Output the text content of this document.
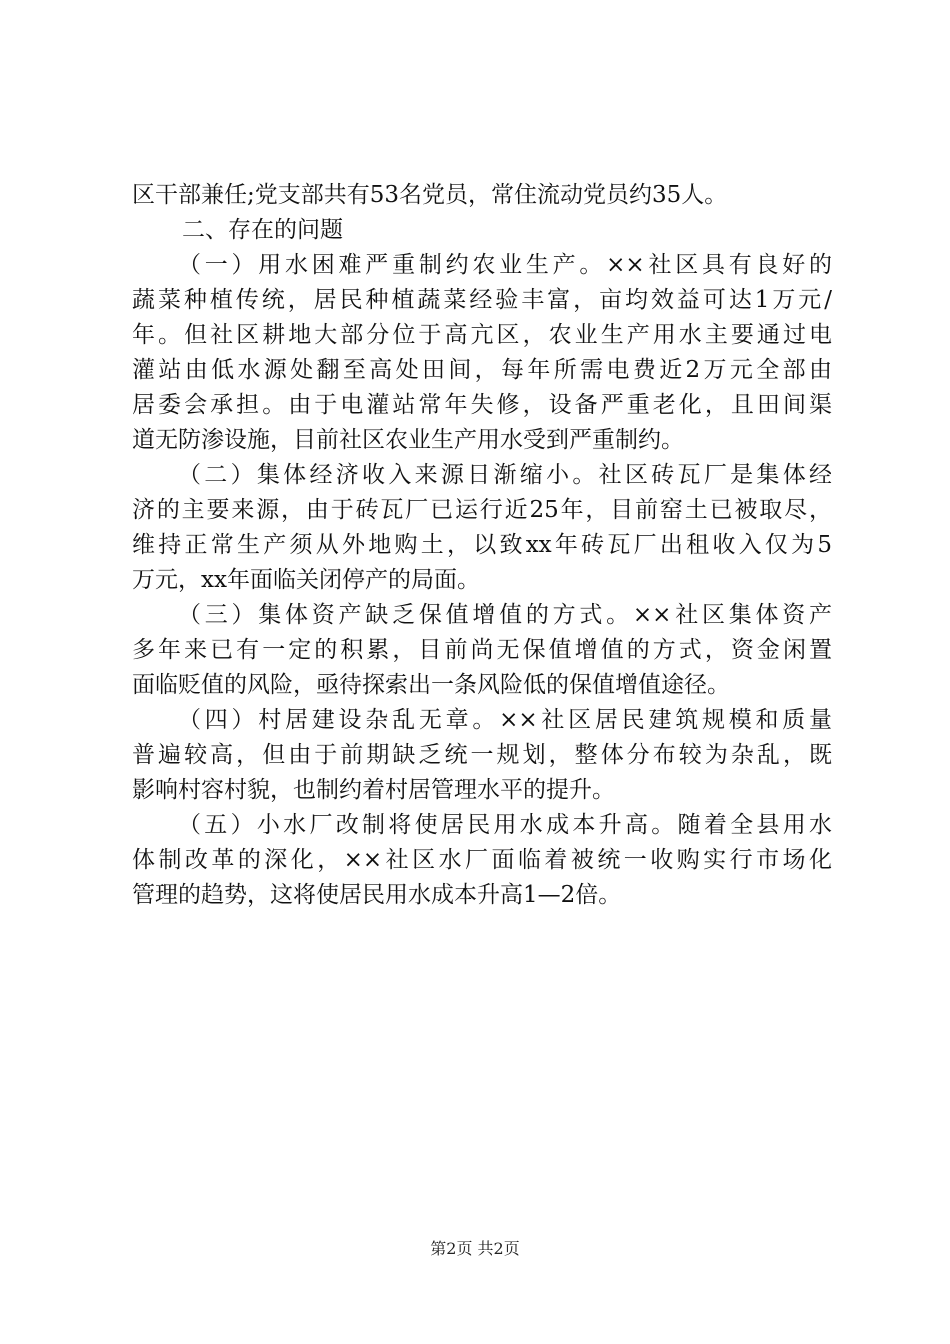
区干部兼任;党支部共有53名党员，常住流动党员约35人。
二、存在的问题
（一）用水困难严重制约农业生产。××社区具有良好的
蔬菜种植传统，居民种植蔬菜经验丰富，亩均效益可达1万元/
年。但社区耕地大部分位于高亢区，农业生产用水主要通过电
灌站由低水源处翻至高处田间，每年所需电费近2万元全部由
居委会承担。由于电灌站常年失修，设备严重老化，且田间渠
道无防渗设施，目前社区农业生产用水受到严重制约。
（二）集体经济收入来源日渐缩小。社区砖瓦厂是集体经
济的主要来源，由于砖瓦厂已运行近25年，目前窑土已被取尽，
维持正常生产须从外地购土，以致xx年砖瓦厂出租收入仅为5
万元，xx年面临关闭停产的局面。
（三）集体资产缺乏保值增值的方式。××社区集体资产
多年来已有一定的积累，目前尚无保值增值的方式，资金闲置
面临贬值的风险，亟待探索出一条风险低的保值增值途径。
（四）村居建设杂乱无章。××社区居民建筑规模和质量
普遍较高，但由于前期缺乏统一规划，整体分布较为杂乱，既
影响村容村貌，也制约着村居管理水平的提升。
（五）小水厂改制将使居民用水成本升高。随着全县用水
体制改革的深化，××社区水厂面临着被统一收购实行市场化
管理的趋势，这将使居民用水成本升高1—2倍。
第2页 共2页
